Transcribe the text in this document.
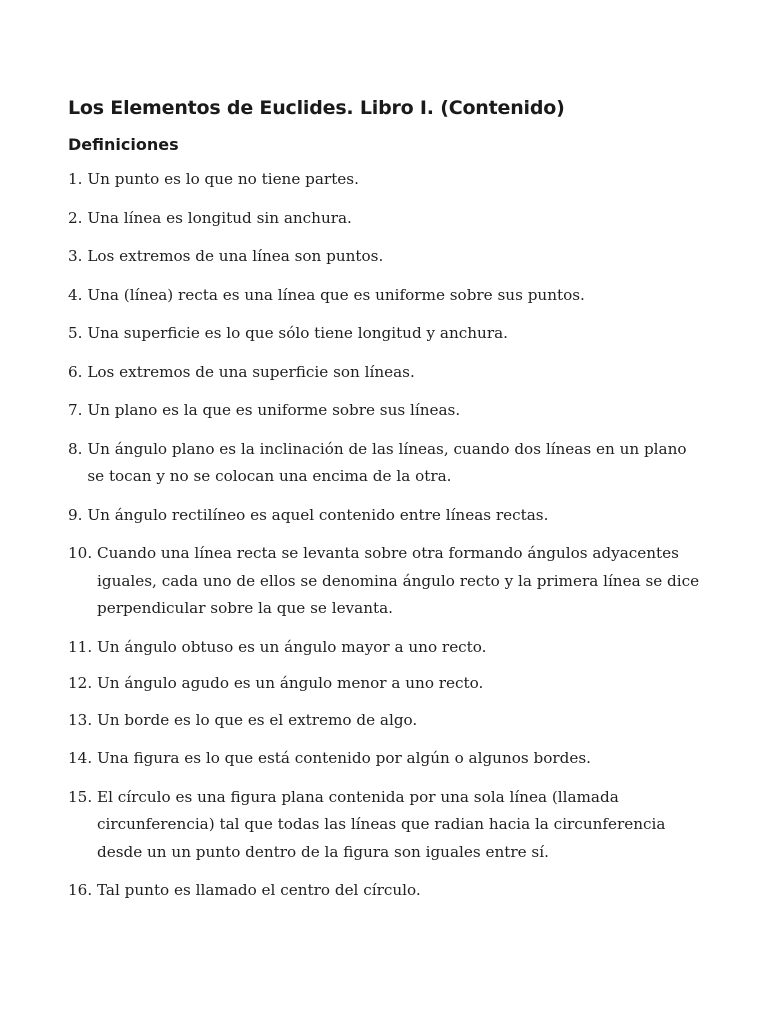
Los Elementos de Euclides. Libro I. (Contenido)
Definiciones
1. Un punto es lo que no tiene partes.
2. Una línea es longitud sin anchura.
3. Los extremos de una línea son puntos.
4. Una (línea) recta es una línea que es uniforme sobre sus puntos.
5. Una superficie es lo que sólo tiene longitud y anchura.
6. Los extremos de una superficie son líneas.
7. Un plano es la que es uniforme sobre sus líneas.
8. Un ángulo plano es la inclinación de las líneas, cuando dos líneas en un plano se tocan y no se colocan una encima de la otra.
9. Un ángulo rectilíneo es aquel contenido entre líneas rectas.
10. Cuando una línea recta se levanta sobre otra formando ángulos adyacentes iguales, cada uno de ellos se denomina ángulo recto y la primera línea se dice perpendicular sobre la que se levanta.
11. Un ángulo obtuso es un ángulo mayor a uno recto.
12. Un ángulo agudo es un ángulo menor a uno recto.
13. Un borde es lo que es el extremo de algo.
14. Una figura es lo que está contenido por algún o algunos bordes.
15. El círculo es una figura plana contenida por una sola línea (llamada circunferencia) tal que todas las líneas que radian hacia la circunferencia desde un un punto dentro de la figura son iguales entre sí.
16. Tal punto es llamado el centro del círculo.
